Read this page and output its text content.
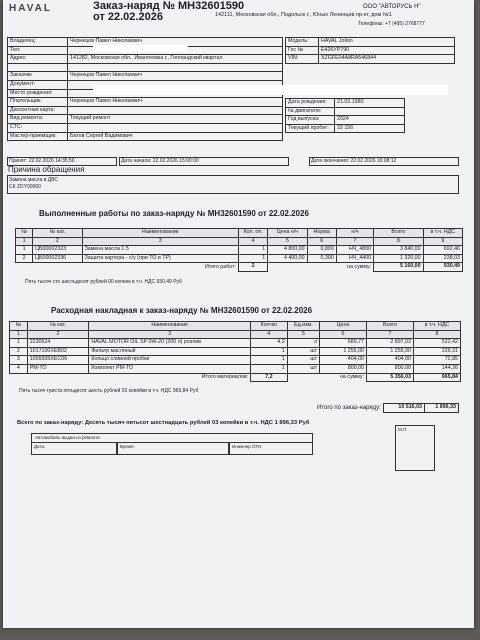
HAVAL	Заказ-наряд № МН32601590
от 22.02.2026
ООО "АВТОРУСЬ Н"
142111, Московская обл., Подольск г., Юных Ленинцев пр-кт, дом №1
Телефоны: +7 (495) 2768777
Владелец:	Чернецов Павел Николаевич
Тел:	
Адрес:	141282, Московская обл., Ивантеевка г., Голландский квартал

Заказчик	Чернецов Павел Николаевич
Документ:	
Место рождения:	
Плательщик:	Чернецов Павел Николаевич
Дисконтная карта:	
Вид ремонта:	Текущий ремонт
СТС:	
Мастер-приемщик:	Батов Сергей Вадимович
Модель:	HAVAL Jolion
Гос №	Е426УР790
VIN:	XZGFE04A8RA546844
Дата рождения:	21.03.1980
№ двигателя:	
Год выпуска:	2024
Текущий пробег:	32 156
Принят: 22.02.2026 14:35:50	Дата начала: 22.02.2026 15:00:00	Дата окончания: 22.02.2026 16:08:12
Причина обращения
Замена масла в ДВС
СК ZDY00060
Выполненные работы по заказ-наряду № МН32601590 от 22.02.2026
№	№ кат.	Наименование	Кол. оп.	Цена н/ч	Норма	н/ч	Всего	в т.ч. НДС
1	2	3	4	5	6	7	8	9
1	ЦБ00002323	Замена масла 1.5	1	4 800,00	0,800	НЧ_4800	3 840,00	692,46
2	ЦБ00002336	Защита картера - с/у (при ТО и ТР)	1	4 400,00	0,300	НЧ_4400	1 320,00	238,03
Итого работ:			2	на сумму:			5 160,00	930,49
Пять тысяч сто шестьдесят рублей 00 копеек в т.ч. НДС 930,49 Руб
Расходная накладная к заказ-наряду № МН32601590 от 22.02.2026
№	№ кат.	Наименование	Кол-во	Ед.изм.	Цена	Всего	в т.ч. НДС
1	2	3	4	5	6	7	8
1	2230524	HAVAL MOTOR OIL SP 0W-20 (200 л) розлив	4,2	л	689,77	2 897,03	522,42
2	1017100XEB02	Фильтр масляный	1	шт	1 255,00	1 255,00	226,31
3	1009305XEC06	Кольцо сливной пробки	1	шт	404,00	404,00	72,85
4	РМ-ТО	Комплект РМ-ТО	1	шт	800,00	800,00	144,26
Итого материалов:			7,2	на сумму:		5 356,03	965,84
Пять тысяч триста пятьдесят шесть рублей 03 копейки в т.ч. НДС 965,84 Руб
Итого по заказ-наряду:	10 516,03	1 896,33
Всего по заказ-наряду: Десять тысяч пятьсот шестнадцать рублей 03 копейки в т.ч. НДС 1 896,33 Руб
Автомобиль выдан из ремонта
Дата:	Время:	Инженер ОТК:
М.П.
